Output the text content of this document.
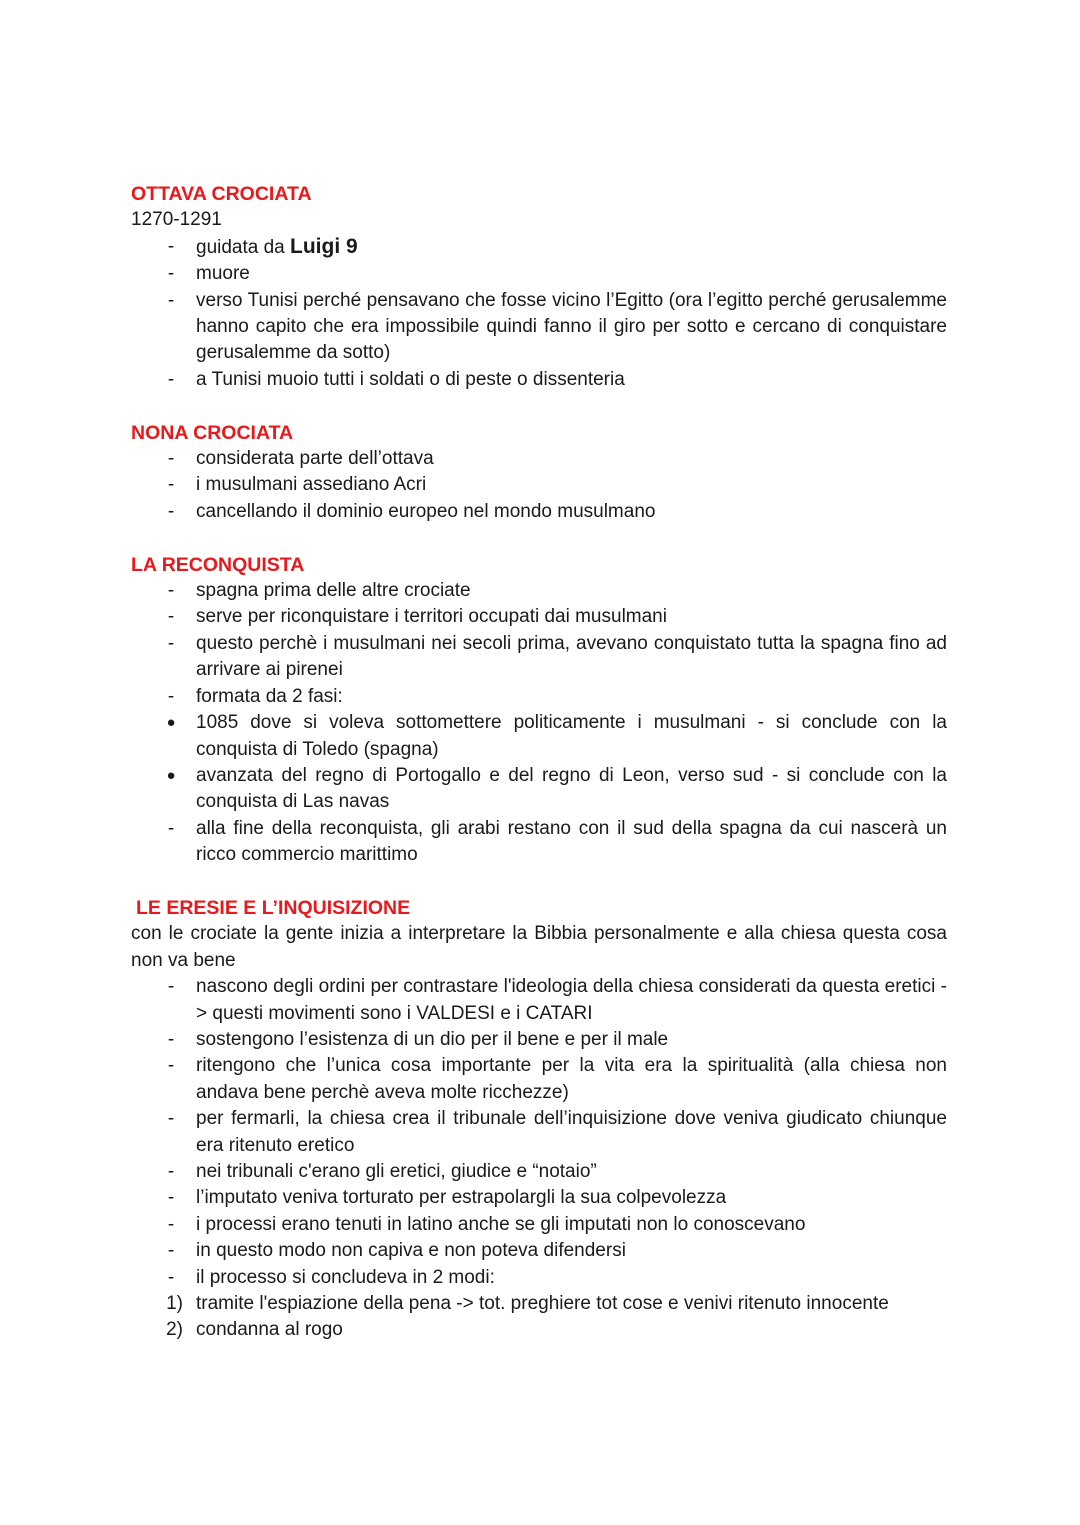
OTTAVA CROCIATA
1270-1291
-	guidata da Luigi 9
-	muore
-	verso Tunisi perché pensavano che fosse vicino l’Egitto (ora l’egitto perché gerusalemme hanno capito che era impossibile quindi fanno il giro per sotto e cercano di conquistare gerusalemme da sotto)
-	a Tunisi muoio tutti i soldati o di peste o dissenteria
NONA CROCIATA
-	considerata parte dell’ottava
-	i musulmani assediano Acri
-	cancellando il dominio europeo nel mondo musulmano
LA RECONQUISTA
-	spagna prima delle altre crociate
-	serve per riconquistare i territori occupati dai musulmani
-	questo perchè i musulmani nei secoli prima, avevano conquistato tutta la spagna fino ad arrivare ai pirenei
-	formata da 2 fasi:
● 1085 dove si voleva sottomettere politicamente i musulmani - si conclude con la conquista di Toledo (spagna)
● avanzata del regno di Portogallo e del regno di Leon, verso sud - si conclude con la conquista di Las navas
-	alla fine della reconquista, gli arabi restano con il sud della spagna da cui nascerà un ricco commercio marittimo
LE ERESIE E L’INQUISIZIONE
con le crociate la gente inizia a interpretare la Bibbia personalmente e alla chiesa questa cosa non va bene
-	nascono degli ordini per contrastare l'ideologia della chiesa considerati da questa eretici -> questi movimenti sono i VALDESI e i CATARI
-	sostengono l’esistenza di un dio per il bene e per il male
-	ritengono che l’unica cosa importante per la vita era la spiritualità (alla chiesa non andava bene perchè aveva molte ricchezze)
-	per fermarli, la chiesa crea il tribunale dell’inquisizione dove veniva giudicato chiunque era ritenuto eretico
-	nei tribunali c'erano gli eretici, giudice e “notaio”
-	l’imputato veniva torturato per estrapolargli la sua colpevolezza
-	i processi erano tenuti in latino anche se gli imputati non lo conoscevano
-	in questo modo non capiva e non poteva difendersi
-	il processo si concludeva in 2 modi:
1) tramite l'espiazione della pena -> tot. preghiere tot cose e venivi ritenuto innocente
2) condanna al rogo
